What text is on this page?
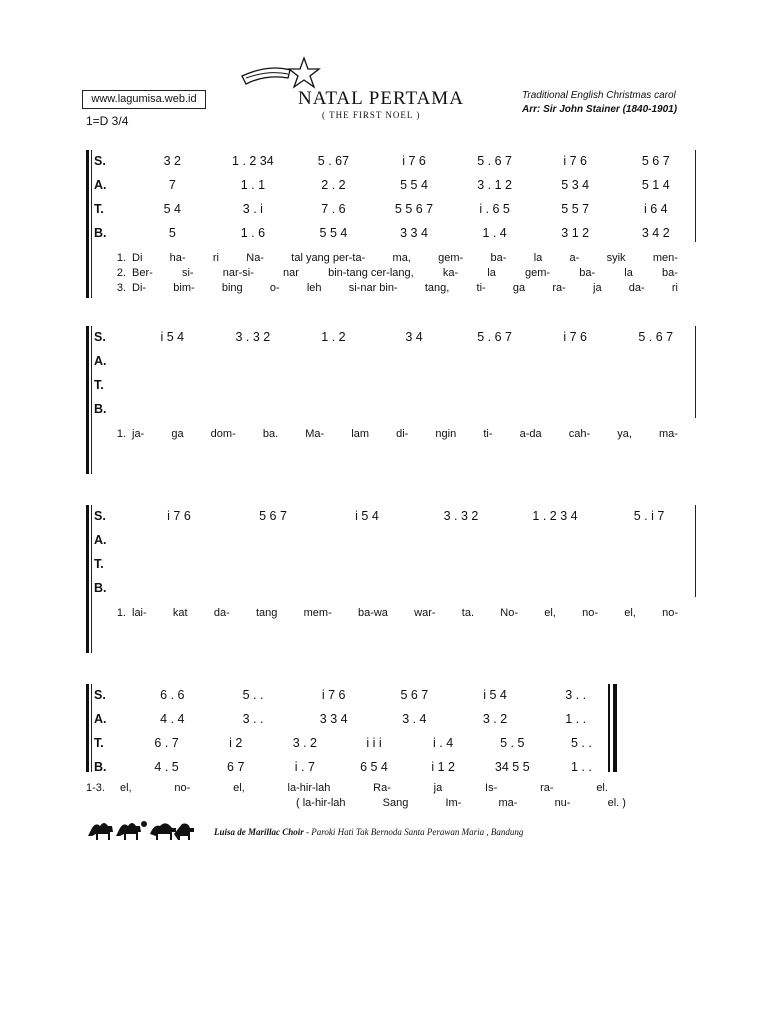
www.lagumisa.web.id
1=D 3/4
NATAL PERTAMA
( THE FIRST NOEL )
Traditional English Christmas carol
Arr: Sir John Stainer (1840-1901)
S.	3 2	1 . 2 34	5 . 67	i 7 6	5 . 6 7	i 7 6	5 6 7
A.	7	1 . 1	2 . 2	5 5 4	3 . 1 2	5 3 4	5 1 4
T.	5 4	3 . i	7 . 6	5 5 6 7	i . 6 5	5 5 7	i 6 4
B.	5	1 . 6	5 5 4	3 3 4	1 . 4	3 1 2	3 4 2
1. Di ha- ri Na- tal yang per-ta- ma, gem- ba- la a- syik men-
2. Ber-	si-	nar-si-	nar	bin-tang cer-lang,	ka-	la	gem-	ba-	la	ba-
3. Di- bim- bing o- leh si-nar bin- tang, ti- ga ra- ja da- ri
S.	i 5 4	3 . 3 2	1 . 2	3 4	5 . 6 7	i 7 6	5 . 6 7
A.
T.
B.
1. ja- ga dom- ba. Ma- lam di- ngin ti- a-da cah- ya, ma-
S.	i 7 6	5 6 7	i 5 4	3 . 3 2	1 . 2 3 4	5 . i 7
A.
T.
B.
1. lai- kat da- tang mem- ba-wa war- ta. No- el, no- el, no-
S.	6 . 6	5 . .	i 7 6	5 6 7	i 5 4	3 . .
A.	4 . 4	3 . .	3 3 4	3 . 4	3 . 2	1 . .
T.	6 . 7	i 2	3 . 2	i i i	i . 4	5 . 5	5 . .
B.	4 . 5	6 7	i . 7	6 5 4	i 1 2	34 5 5	1 . .
1-3.	el,	no-	el,	la-hir-lah	Ra-	ja	Is-	ra-	el.
( la-hir-lah	Sang	Im-	ma-	nu-	el. )
Luisa de Marillac Choir - Paroki Hati Tak Bernoda Santa Perawan Maria , Bandung
